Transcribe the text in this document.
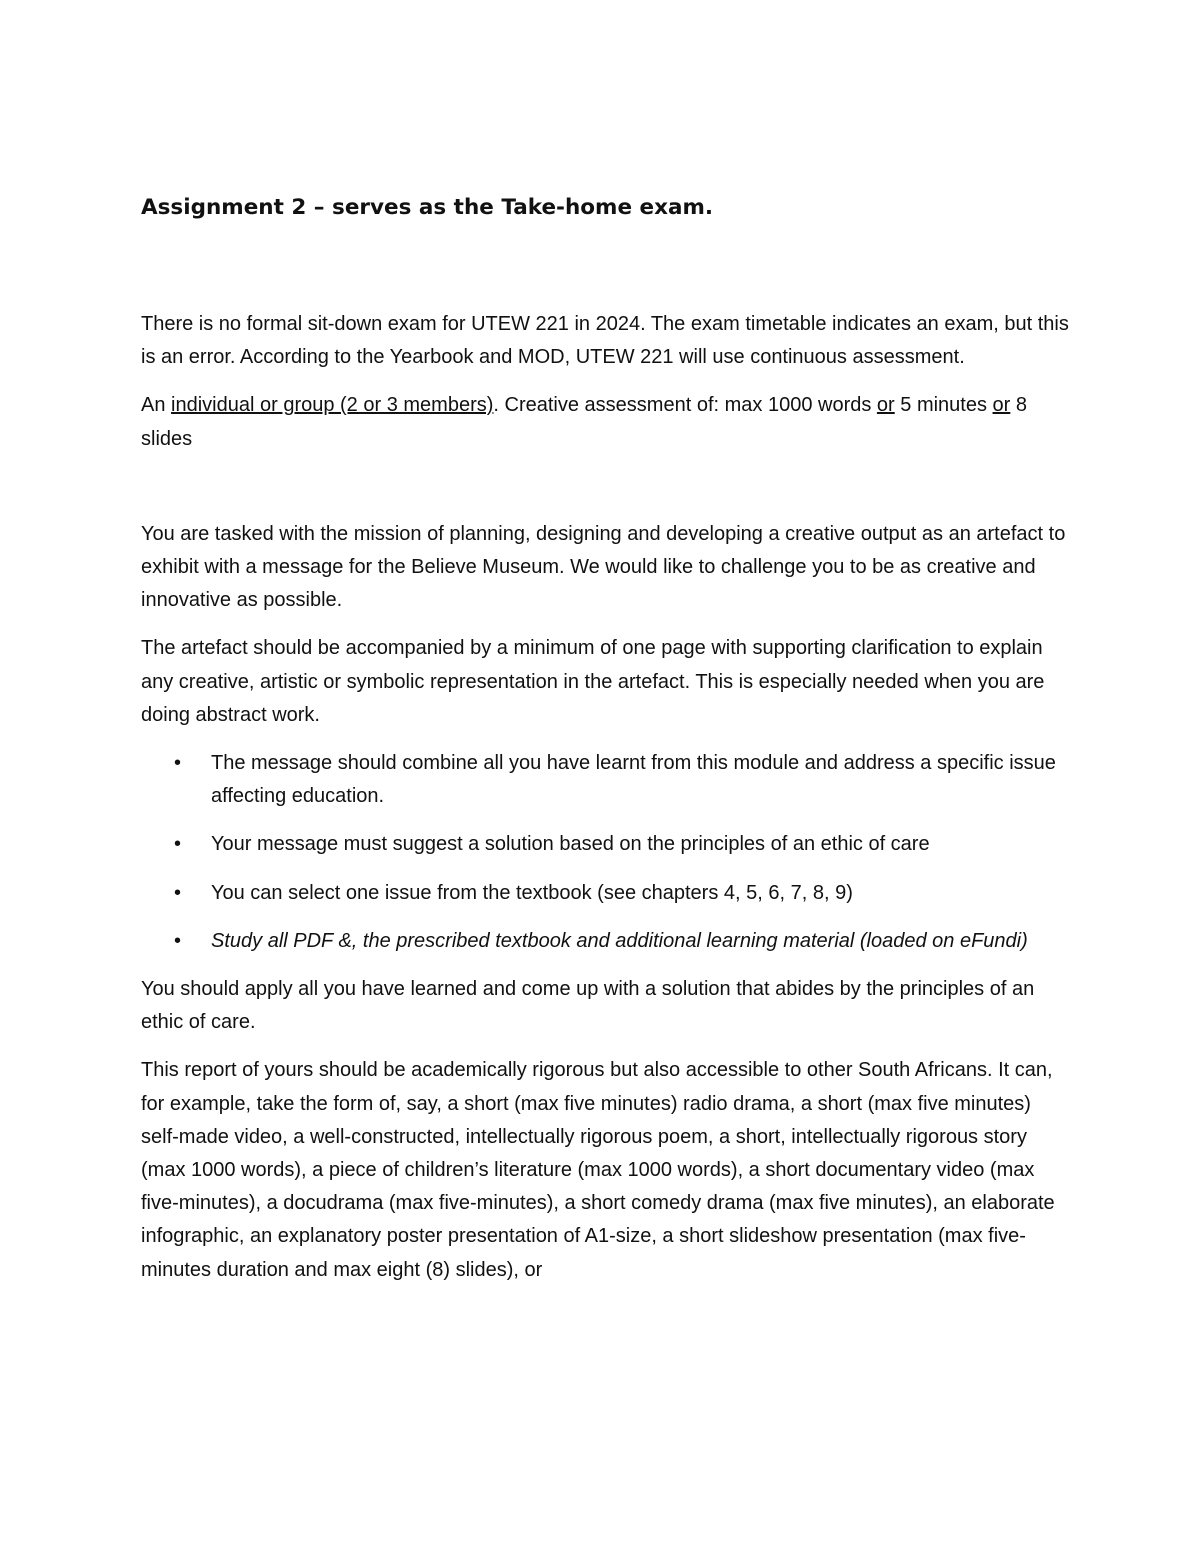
Assignment 2 – serves as the Take-home exam.

There is no formal sit-down exam for UTEW 221 in 2024. The exam timetable indicates an exam, but this is an error. According to the Yearbook and MOD, UTEW 221 will use continuous assessment.

An individual or group (2 or 3 members). Creative assessment of: max 1000 words or 5 minutes or 8 slides

You are tasked with the mission of planning, designing and developing a creative output as an artefact to exhibit with a message for the Believe Museum. We would like to challenge you to be as creative and innovative as possible.

The artefact should be accompanied by a minimum of one page with supporting clarification to explain any creative, artistic or symbolic representation in the artefact. This is especially needed when you are doing abstract work.

• The message should combine all you have learnt from this module and address a specific issue affecting education.
• Your message must suggest a solution based on the principles of an ethic of care
• You can select one issue from the textbook (see chapters 4, 5, 6, 7, 8, 9)
• Study all PDF &, the prescribed textbook and additional learning material (loaded on eFundi)

You should apply all you have learned and come up with a solution that abides by the principles of an ethic of care.

This report of yours should be academically rigorous but also accessible to other South Africans. It can, for example, take the form of, say, a short (max five minutes) radio drama, a short (max five minutes) self-made video, a well-constructed, intellectually rigorous poem, a short, intellectually rigorous story (max 1000 words), a piece of children’s literature (max 1000 words), a short documentary video (max five-minutes), a docudrama (max five-minutes), a short comedy drama (max five minutes), an elaborate infographic, an explanatory poster presentation of A1-size, a short slideshow presentation (max five-minutes duration and max eight (8) slides), or
